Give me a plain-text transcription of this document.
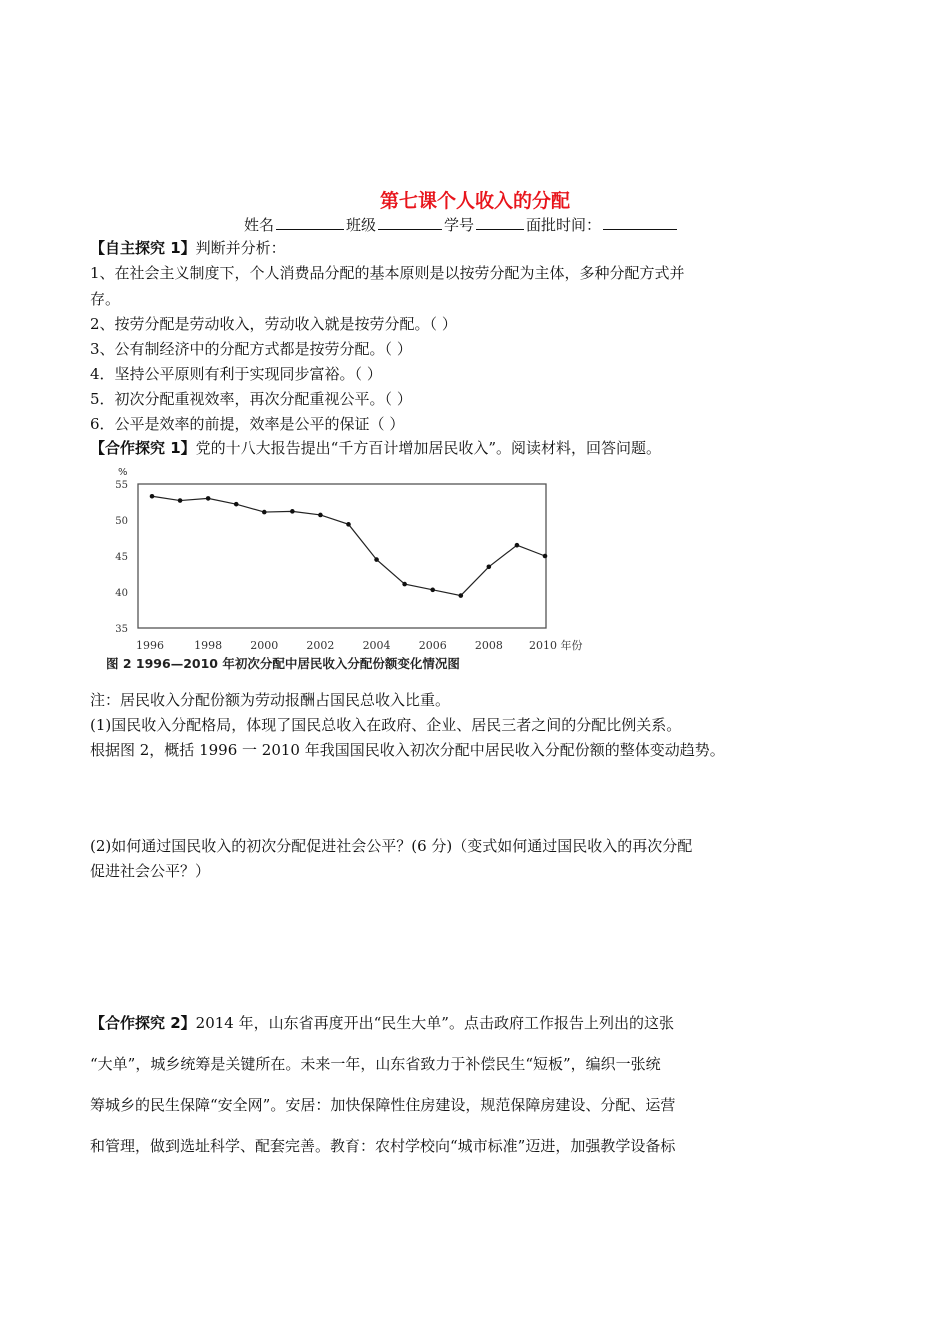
第七课个人收入的分配
姓名	班级	学号	面批时间：
【自主探究 1】判断并分析：
1、在社会主义制度下，个人消费品分配的基本原则是以按劳分配为主体，多种分配方式并
存。
2、按劳分配是劳动收入，劳动收入就是按劳分配。（ ）
3、公有制经济中的分配方式都是按劳分配。（ ）
4．坚持公平原则有利于实现同步富裕。（ ）
5．初次分配重视效率，再次分配重视公平。（ ）
6．公平是效率的前提，效率是公平的保证（ ）
【合作探究 1】党的十八大报告提出“千方百计增加居民收入”。阅读材料，回答问题。
%
55
50
45
40
35
1996	1998	2000	2002	2004	2006	2008 2010 年份
图 2 1996—2010 年初次分配中居民收入分配份额变化情况图
注：居民收入分配份额为劳动报酬占国民总收入比重。
(1)国民收入分配格局，体现了国民总收入在政府、企业、居民三者之间的分配比例关系。
根据图 2，概括 1996 一 2010 年我国国民收入初次分配中居民收入分配份额的整体变动趋势。
(2)如何通过国民收入的初次分配促进社会公平？(6 分)（变式如何通过国民收入的再次分配
促进社会公平？）
【合作探究 2】2014 年，山东省再度开出“民生大单”。点击政府工作报告上列出的这张
“大单”，城乡统筹是关键所在。未来一年，山东省致力于补偿民生“短板”，编织一张统
筹城乡的民生保障“安全网”。安居：加快保障性住房建设，规范保障房建设、分配、运营
和管理，做到选址科学、配套完善。教育：农村学校向“城市标准”迈进，加强教学设备标
